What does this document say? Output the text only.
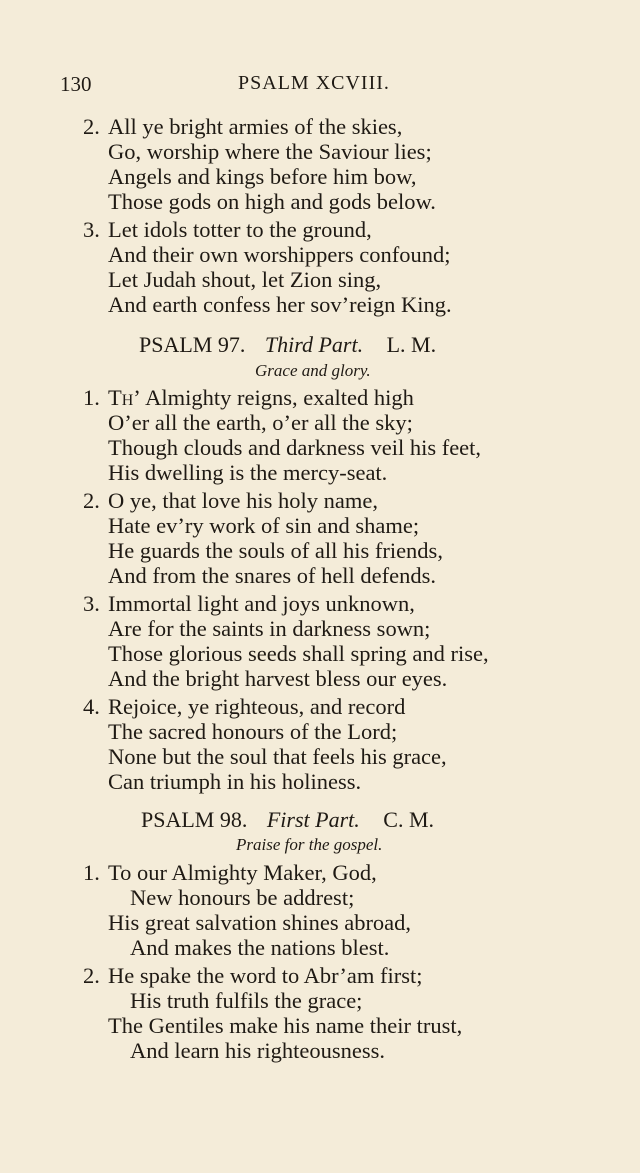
130	PSALM XCVIII.
2. All ye bright armies of the skies,
Go, worship where the Saviour lies;
Angels and kings before him bow,
Those gods on high and gods below.
3. Let idols totter to the ground,
And their own worshippers confound;
Let Judah shout, let Zion sing,
And earth confess her sov’reign King.
PSALM 97. Third Part. L. M.
Grace and glory.
1. Th’ Almighty reigns, exalted high
O’er all the earth, o’er all the sky;
Though clouds and darkness veil his feet,
His dwelling is the mercy-seat.
2. O ye, that love his holy name,
Hate ev’ry work of sin and shame;
He guards the souls of all his friends,
And from the snares of hell defends.
3. Immortal light and joys unknown,
Are for the saints in darkness sown;
Those glorious seeds shall spring and rise,
And the bright harvest bless our eyes.
4. Rejoice, ye righteous, and record
The sacred honours of the Lord;
None but the soul that feels his grace,
Can triumph in his holiness.
PSALM 98. First Part. C. M.
Praise for the gospel.
1. To our Almighty Maker, God,
New honours be addrest;
His great salvation shines abroad,
And makes the nations blest.
2. He spake the word to Abr’am first;
His truth fulfils the grace;
The Gentiles make his name their trust,
And learn his righteousness.
